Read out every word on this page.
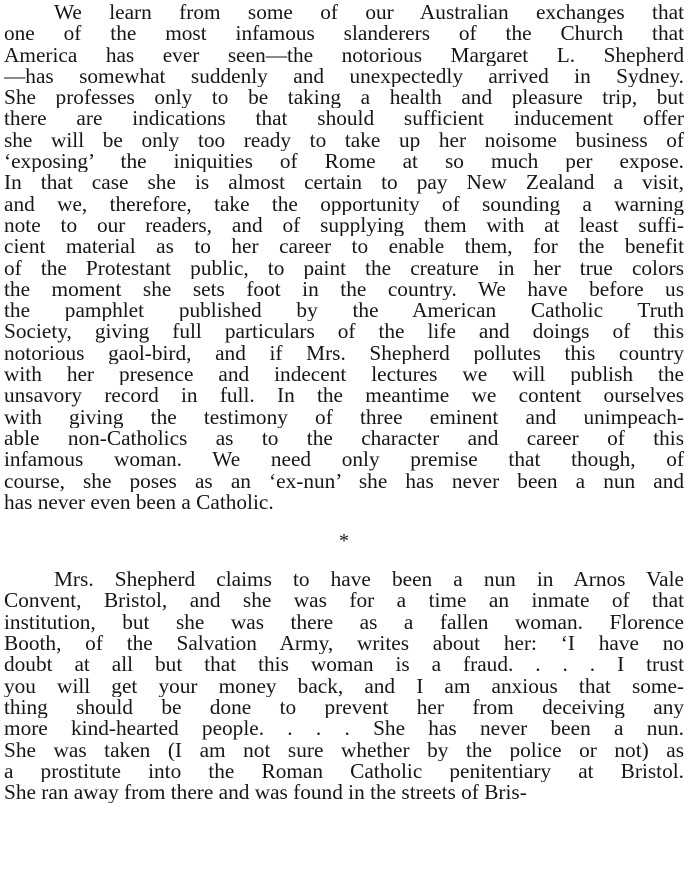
We learn from some of our Australian exchanges that
one of the most infamous slanderers of the Church that
America has ever seen—the notorious Margaret L. Shepherd
—has somewhat suddenly and unexpectedly arrived in Sydney.
She professes only to be taking a health and pleasure trip, but
there are indications that should sufficient inducement offer
she will be only too ready to take up her noisome business of
‘exposing’ the iniquities of Rome at so much per expose.
In that case she is almost certain to pay New Zealand a visit,
and we, therefore, take the opportunity of sounding a warning
note to our readers, and of supplying them with at least suffi-
cient material as to her career to enable them, for the benefit
of the Protestant public, to paint the creature in her true colors
the moment she sets foot in the country. We have before us
the pamphlet published by the American Catholic Truth
Society, giving full particulars of the life and doings of this
notorious gaol-bird, and if Mrs. Shepherd pollutes this country
with her presence and indecent lectures we will publish the
unsavory record in full. In the meantime we content ourselves
with giving the testimony of three eminent and unimpeach-
able non-Catholics as to the character and career of this
infamous woman. We need only premise that though, of
course, she poses as an ‘ex-nun’ she has never been a nun and
has never even been a Catholic.
*
Mrs. Shepherd claims to have been a nun in Arnos Vale
Convent, Bristol, and she was for a time an inmate of that
institution, but she was there as a fallen woman. Florence
Booth, of the Salvation Army, writes about her: ‘I have no
doubt at all but that this woman is a fraud. . . . I trust
you will get your money back, and I am anxious that some-
thing should be done to prevent her from deceiving any
more kind-hearted people. . . . She has never been a nun.
She was taken (I am not sure whether by the police or not) as
a prostitute into the Roman Catholic penitentiary at Bristol.
She ran away from there and was found in the streets of Bris-
